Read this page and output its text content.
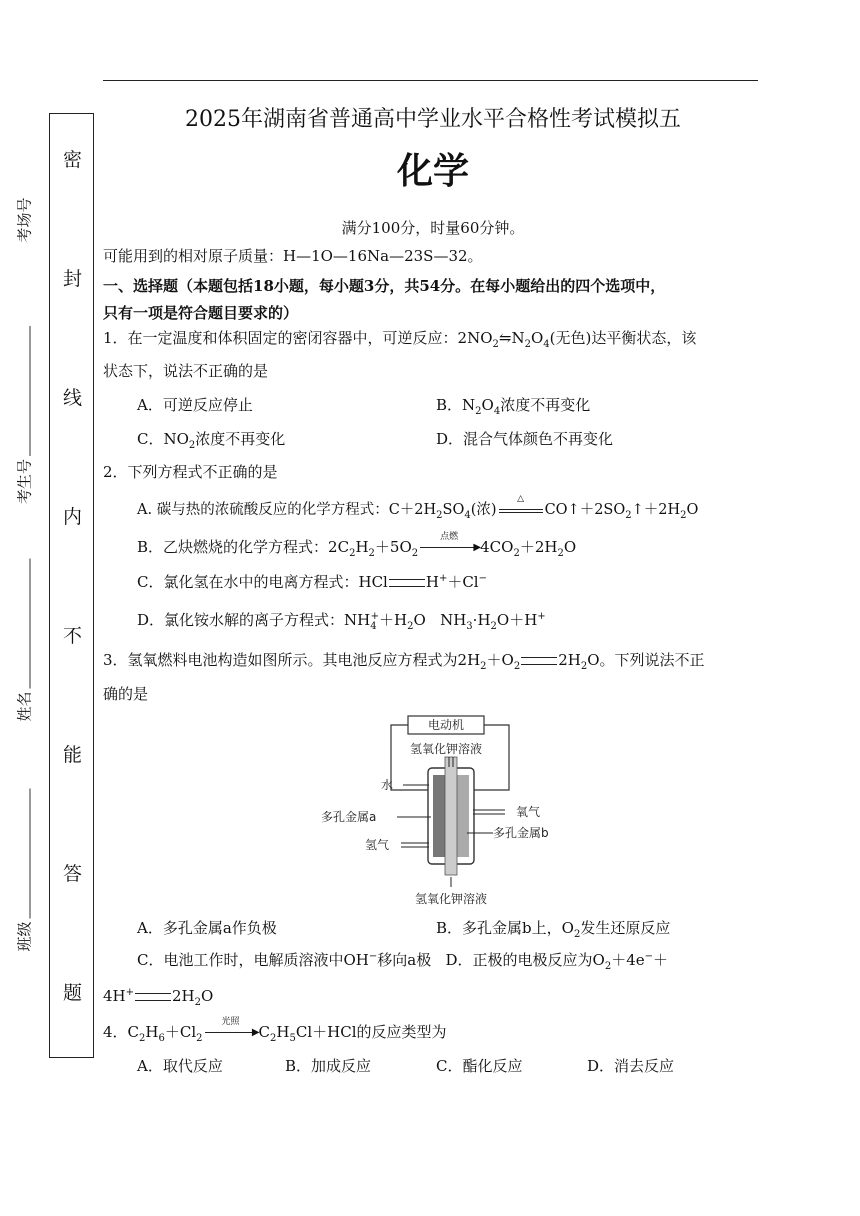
考场号
考生号
姓名
班级
密
封
线
内
不
能
答
题
2025年湖南省普通高中学业水平合格性考试模拟五
化学
满分100分，时量60分钟。
可能用到的相对原子质量：H—1O—16Na—23S—32。
一、选择题（本题包括18小题，每小题3分，共54分。在每小题给出的四个选项中，
只有一项是符合题目要求的）
1．在一定温度和体积固定的密闭容器中，可逆反应：$2NO_2⇋N_2O_4$(无色)达平衡状态，该
状态下，说法不正确的是
A．可逆反应停止	B．$N_2O_4$浓度不再变化
C．$NO_2$浓度不再变化	D．混合气体颜色不再变化
2．下列方程式不正确的是
A. 碳与热的浓硫酸反应的化学方程式：$C+2H_2SO_4$(浓)
△
$CO↑+2SO_2↑+2H_2O$
B．乙炔燃烧的化学方程式：$2C_2H_2+5O_2$
点燃
▶ $4CO_2+2H_2O$
C．氯化氢在水中的电离方程式：HCl	H+＋Cl−
D．氯化铵水解的离子方程式：$NH_4^++H_2O$   $NH_3\cdot H_2O+H^+$
3．氢氧燃料电池构造如图所示。其电池反应方程式为$2H_2+O_2$	$2H_2O$。下列说法不正
确的是
电动机
氢氧化钾溶液
氢氧化钾溶液
水
氧气
多孔金属a
多孔金属b
氢气
A．多孔金属a作负极	B．多孔金属b上，$O_2$发生还原反应
C．电池工作时，电解质溶液中OH−移向a极 D．正极的电极反应为$O_2+4e^-+$
4H+	$2H_2O$
4．$C_2H_6+Cl_2$
光照
▶ $C_2H_5Cl+HCl$的反应类型为
A．取代反应	B．加成反应	C．酯化反应	D．消去反应
